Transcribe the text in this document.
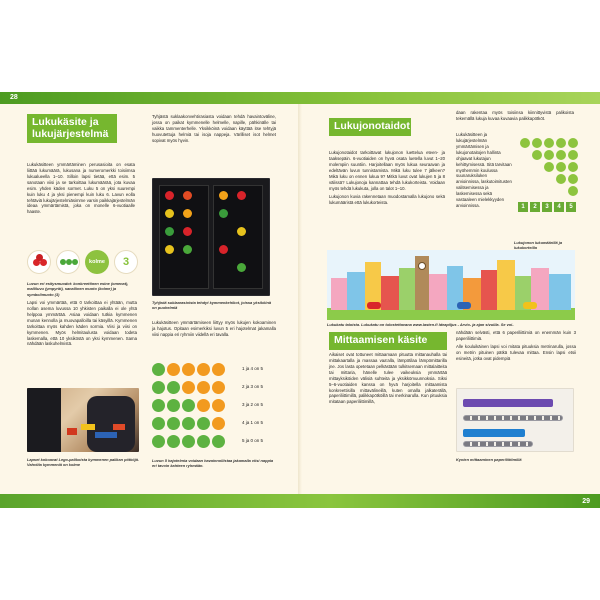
28
Lukukäsite ja lukujärjestelmä

Lukukäsitteen ymmärtäminen perusasioita on esata liittää lukumäärä, lukusana ja numeromerkki toisiimsa lukualueella 1–10. Silloin lapsi tietää, että esim. 5 sanotaan viisi ja se tarkoittaa lukumäärää, jota kuvaa esim. yhden käden sormet. Luku 5 on yksi suurempi kuin luku 4 ja yksi pienempi kuin luku 6. Lavun eolla tehtäviä lukujärjestelmiäsimme varsin paikkajärjestelmän ideaa ymmärtämistä, joka on monelle 6-vuotiaalle haaste.

kolme	3
Luvun eri esitysmuodot: konkreettinen esine (omenat), malliluvu (ympyrät), sanallinen muoto (kolme) ja symbolimuoto (3)

Lapsi voi ymmärtää, että 0 tarkoittaa ei yhtään, mutta nollan asema luvussa 10 yhkisten paikalla ei ole yhtä helppoa ymmärtää. Asiaa voidaan tutkia kymmenen munan kennolla ja muovapalloilla tai käsyillä. Kymmenen tarkoittaa myös kahden käden sormia. Viisi ja viisi on kymmenen. Myös helmitaulusta voidaan todeta laskemalla, että 10 yksiköstä on yksi kymmenen. Sama nähdään laskuhelmistä.

Lapset kokoavat Lego-palikoista kymmenen palikan pötköjä. Vahvilta kymmeniä on kolme

Tyhjästä suklaakonvehtirasiasta voidaan tehdä havaintoväline, jossa on paikat kymmenelle helmelle, napille, pähkinälle tai vaikka tammenterhelle. Yksikköinä voidaan käyttää itse tehtyjä huovutettuja helmiä tai isoja nappeja. Värilliset isot helmet sopivat myös hyvin.

Tyhjistä suklaarasioista tehdyt kymmenkehikot, joissa yksiköinä on puuhelmiä

Lukukäsitteen ymmärtämiseen liittyy myös lukujen kokoaminen ja hajotus. Opitaan esimerkiksi luvun 5 eri hajotelmat jakamalla viisi nappia eri ryhmiin viidellä eri tavalla.

1 ja 4 on 5
2 ja 3 on 5
3 ja 2 on 5
4 ja 1 on 5
5 ja 0 on 5
Luvun 5 hajotelmia voidaan havainnollistaa jakamalla viisi nappia eri tavoin kahteen ryhmään.
Lukujonotaidot

Lukujonotaidot tarkoittavat lukujonon luettelua eteen- ja taaksepäin. 6-vuotiaiden on hyvä osata luetella luvut 1–20 molempiin suuntiin. Harjoitellaan myös lukua seuraavan ja edeltävän luvun tunnistamista. Mikä luku tulee 7 jälkeen? Mikä luku on ennen lukua 9? Mitkä luvut ovat lukujen 5 ja 8 välissä? Lukujonoja kannattaa tehdä lukukorteista. Voidaan myös tehdä lukukuta, jolla on talot 1–10.

Lukujonon kuvia rakennetaan muodostamalla lukujono sekä lukumääristä että lukukorteista.

daan rakentaa myös toisiinsa kiinnittyvistä palikoista tekemällä lukuja kuvaa kuvaavia palikkapötköt.

Lukukäsitteen ja lukujärjestelmän ymmärtämisen ja lukujonotaitojen hallinta ohjaavat lukutajun kehittymisessä. Sitä tarvitaan myöhemmin koulussa suunaruksiluken arvioinnissa, laskutoimitusten valitsemisessa ja laskemisessa sekä vastaaleen mielekkyyden arvioinnissa.	1	2	3	4	5
Lukujonon lukumäärillä ja lukukorteilla
Lukukatu taloista. Lukukatu on tulostettavana www.lasten.fi Ideapiljus - Arvio- ja ajan sivuilla. Se voi-
Mittaamisen käsite

Aikaiset ovat tottuneet mittaamaan pituutta mittanauhalla tai mittakaartalla ja massaa vaa'alla, lämpötilaa lämpömittarilla jne. Jos lasta opetetaan pelkästään tulkitsemaan mittalaitteita tai mittaria, hänelle tulee vaikeuksia ymmärtää mittayksiköiden välisiä suhteita ja yksikkömuunnoksia. Siksi 5–6-vuotiaiden kanssa on hyvä harjoitella mittaamista konkreettisilla mittavälineillä, kuten omalla jalkaterällä, paperiliittimillä, palikkapötköillä tai merkinarulla. Kun pituuksia mitataan paperiliittimillä,

nähdään selvästi, että 6 paperiliittimiä on enemmän kuin 3 paperiliittimiä.

Alle kouluikäinen lapsi voi mitata pituuksia metrinarulla, jossa on metrin pituinen pätkä tulevaa mittaa. Ensin lapsi etsii esineitä, jotka ovat pidempiä

Kynien mittaaminen paperiliittimillä
29
